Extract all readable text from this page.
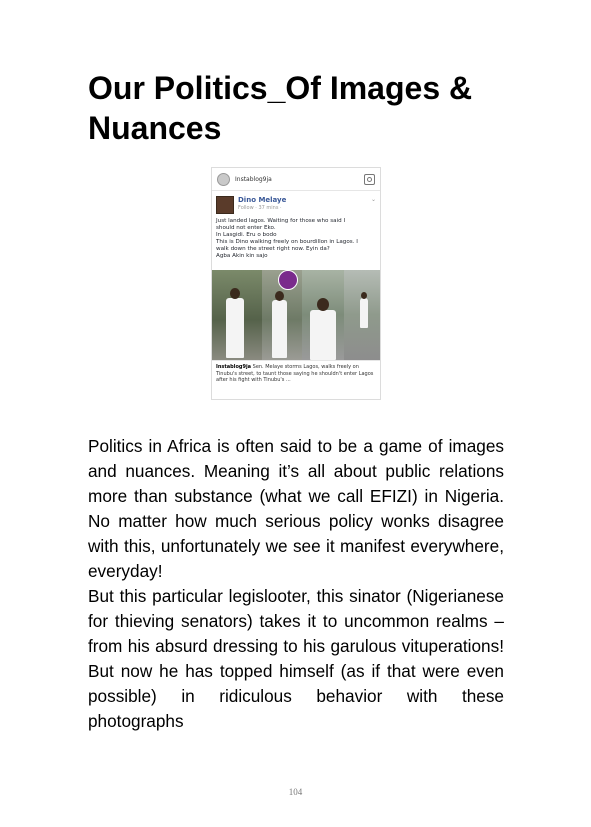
Our Politics_Of Images & Nuances
Instablog9ja
Dino Melaye
Follow · 37 mins ·
⌄
Just landed lagos. Waiting for those who said I
should not enter Eko.
In Lasgidi. Eru o bodo
This is Dino walking freely on bourdillon in Lagos. I
walk down the street right now. Eyin da?
Agba Akin kin sajo
Instablog9ja Sen. Melaye storms Lagos, walks freely on Tinubu's street, to taunt those saying he shouldn't enter Lagos after his fight with Tinubu's ...

Politics in Africa is often said to be a game of images and nuances. Meaning it’s all about public relations more than substance (what we call EFIZI) in Nigeria. No matter how much serious policy wonks disagree with this, unfortunately we see it manifest everywhere, everyday!

But this particular legislooter, this sinator (Nigerianese for thieving senators) takes it to uncommon realms – from his absurd dressing to his garulous vituperations! But now he has topped himself (as if that were even possible) in ridiculous behavior with these photographs

104
